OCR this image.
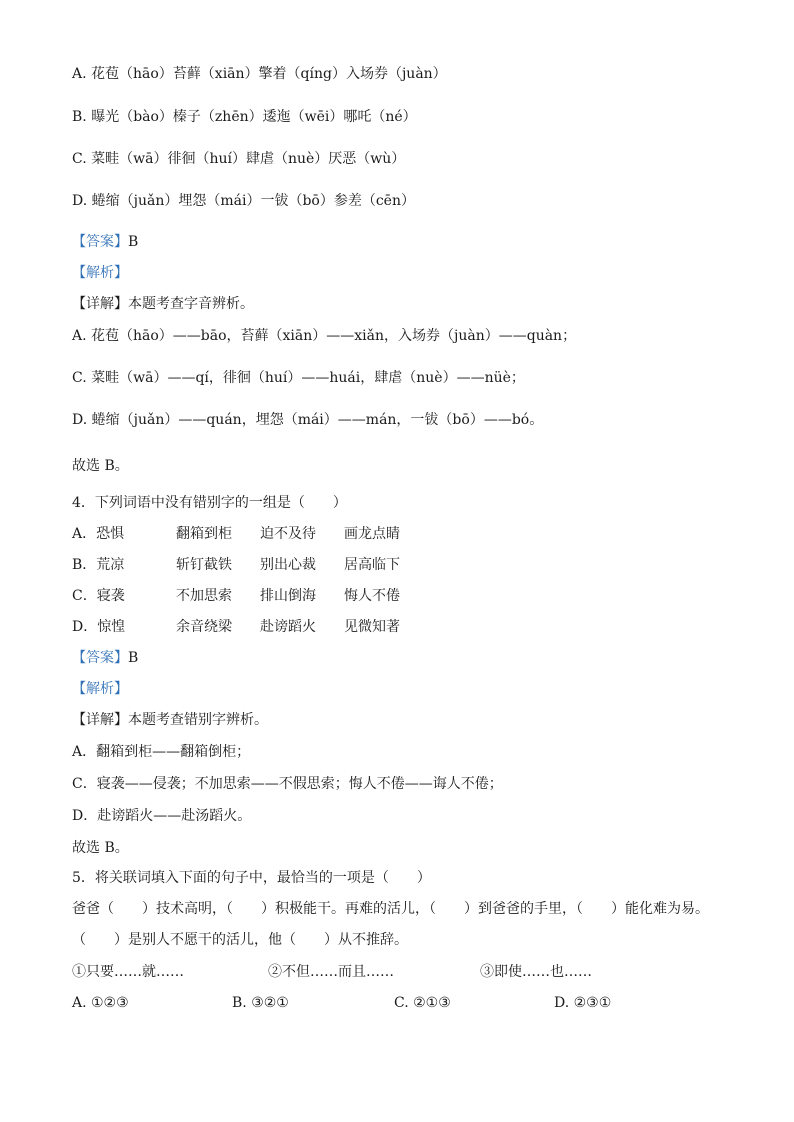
A. 花苞（hāo）苔藓（xiān）擎着（qíng）入场券（juàn）
B. 曝光（bào）榛子（zhēn）逶迤（wēi）哪吒（né）
C. 菜畦（wā）徘徊（huí）肆虐（nuè）厌恶（wù）
D. 蜷缩（juǎn）埋怨（mái）一钹（bō）参差（cēn）
【答案】B
【解析】
【详解】本题考查字音辨析。
A. 花苞（hāo）——bāo，苔藓（xiān）——xiǎn，入场券（juàn）——quàn；
C. 菜畦（wā）——qí，徘徊（huí）——huái，肆虐（nuè）——nüè；
D. 蜷缩（juǎn）——quán，埋怨（mái）——mán，一钹（bō）——bó。
故选 B。
4．下列词语中没有错别字的一组是（　　）
A．恐惧	翻箱到柜 迫不及待 画龙点睛
B．荒凉	斩钉截铁 别出心裁 居高临下
C．寝袭	不加思索 排山倒海 悔人不倦
D．惊惶	余音绕梁 赴谤蹈火 见微知著
【答案】B
【解析】
【详解】本题考查错别字辨析。
A．翻箱到柜——翻箱倒柜；
C．寝袭——侵袭；不加思索——不假思索；悔人不倦——诲人不倦；
D．赴谤蹈火——赴汤蹈火。
故选 B。
5．将关联词填入下面的句子中，最恰当的一项是（　　）
爸爸（　　）技术高明，（　　）积极能干。再难的活儿，（　　）到爸爸的手里，（　　）能化难为易。
（　　）是别人不愿干的活儿，他（　　）从不推辞。
①只要……就……	②不但……而且……	③即使……也……
A. ①②③	B. ③②①	C. ②①③	D. ②③①
